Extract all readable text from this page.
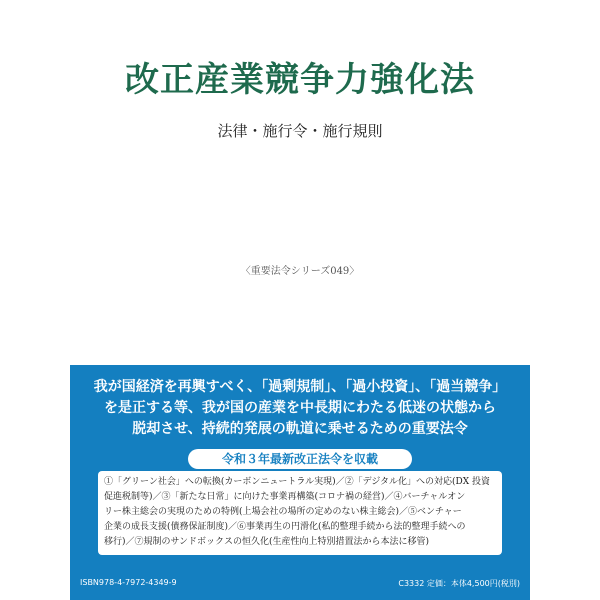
改正産業競争力強化法
法律・施行令・施行規則
〈重要法令シリーズ049〉
我が国経済を再興すべく、「過剰規制」、「過小投資」、「過当競争」
を是正する等、我が国の産業を中長期にわたる低迷の状態から
脱却させ、持続的発展の軌道に乗せるための重要法令
令和３年最新改正法令を収載
①「グリーン社会」への転換(カーボンニュートラル実現)／②「デジタル化」への対応(DX 投資
促進税制等)／③「新たな日常」に向けた事業再構築(コロナ禍の経営)／④バーチャルオン
リー株主総会の実現のための特例(上場会社の場所の定めのない株主総会)／⑤ベンチャー
企業の成長支援(債務保証制度)／⑥事業再生の円滑化(私的整理手続から法的整理手続への
移行)／⑦規制のサンドボックスの恒久化(生産性向上特別措置法から本法に移管)
ISBN978-4-7972-4349-9	C3332 定価：本体4,500円(税別)
